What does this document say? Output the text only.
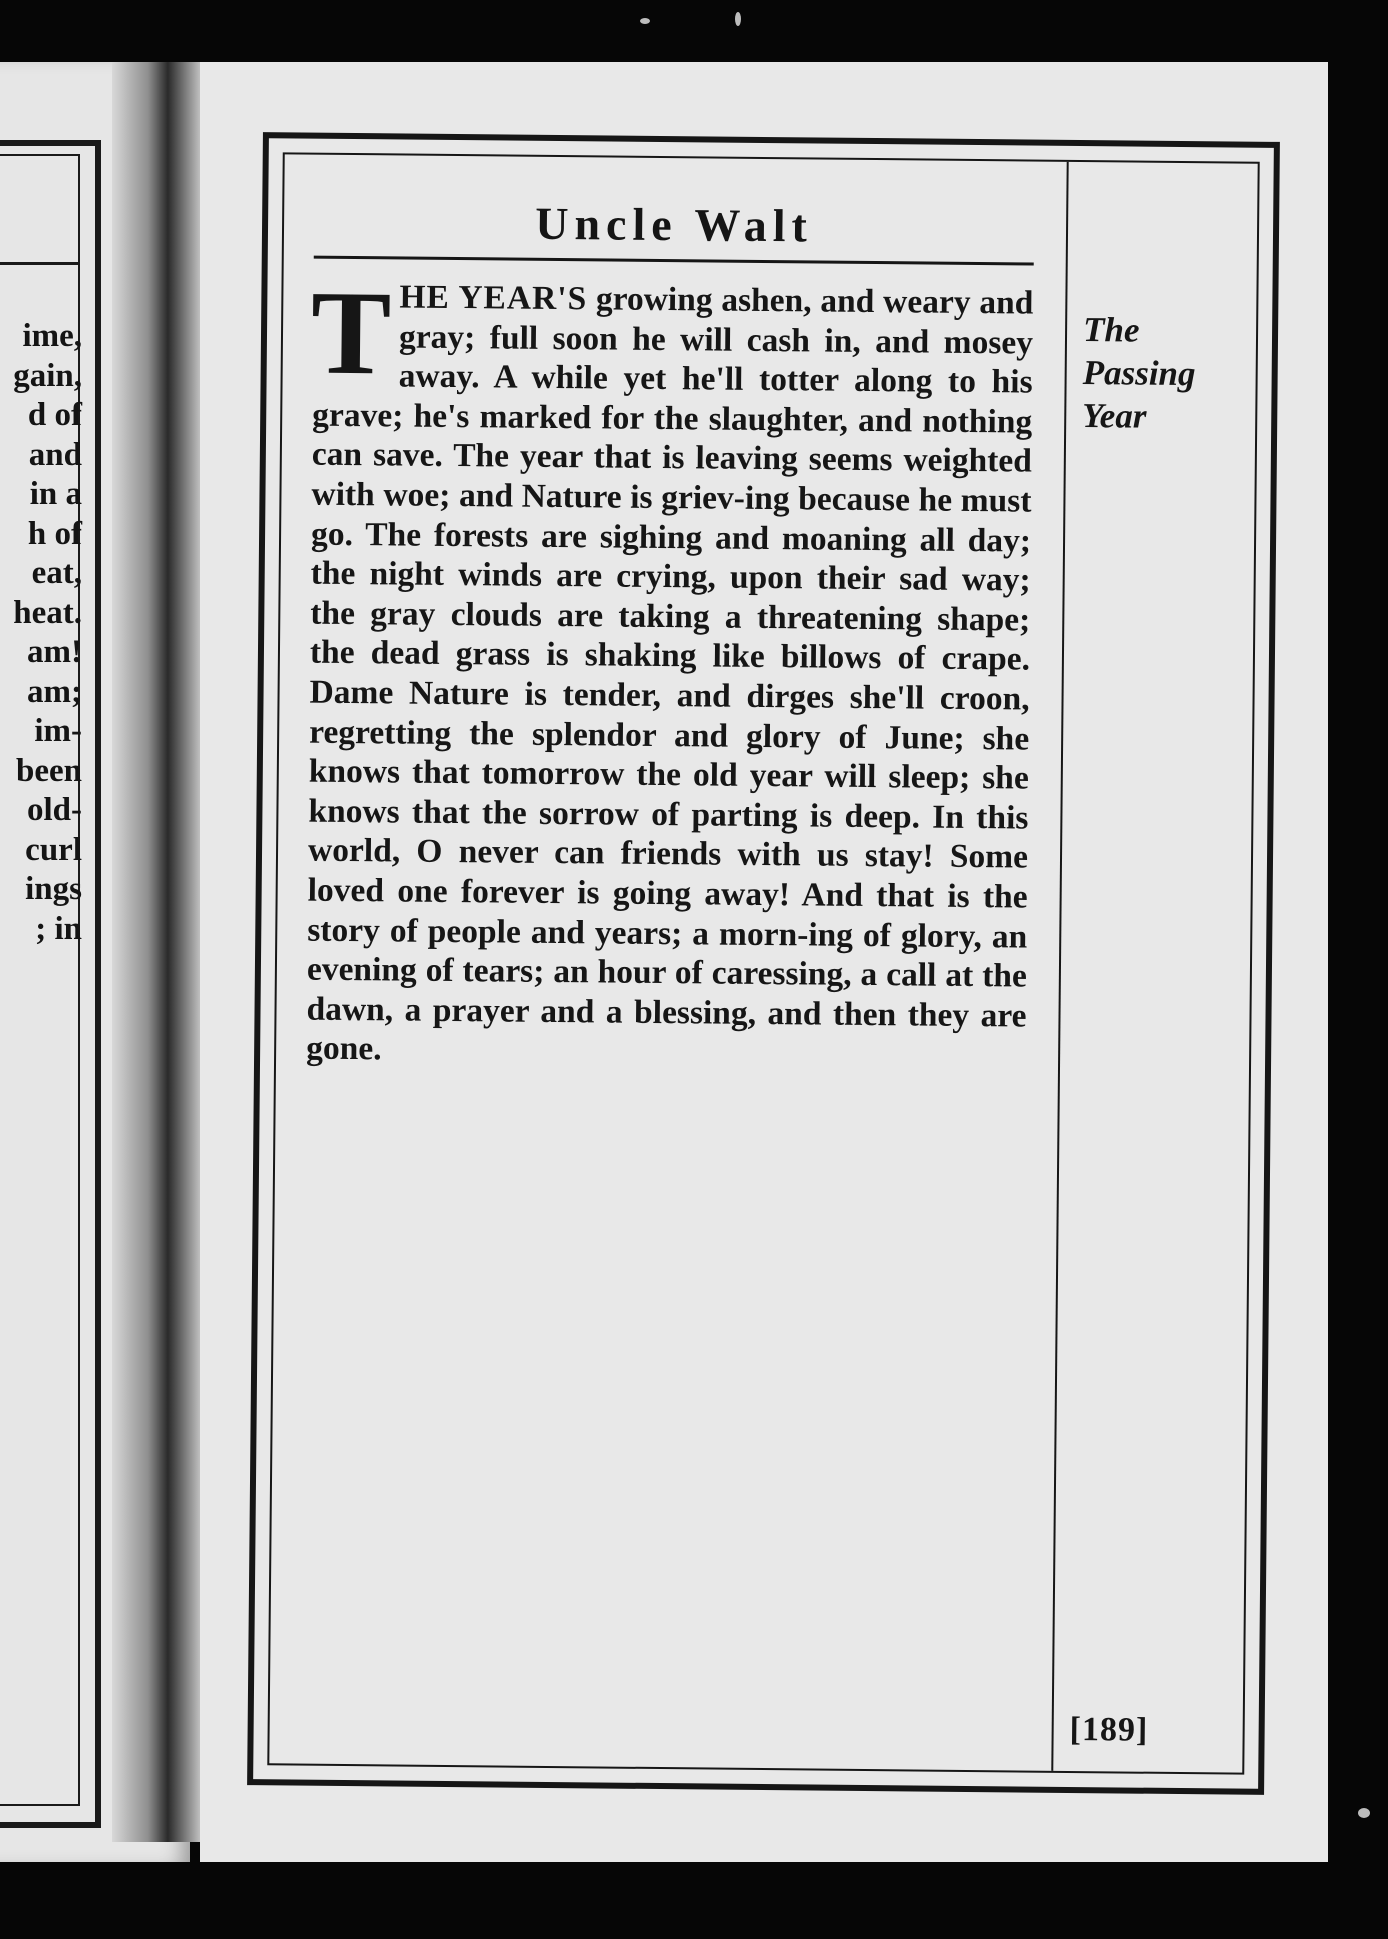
ime,
gain,
d of
and
in a
h of
eat,
heat.
am!
am;
im-
been
old-
curl
ings
; in
Uncle Walt
THE YEAR'S growing ashen, and weary and gray; full soon he will cash in, and mosey away. A while yet he'll totter along to his grave; he's marked for the slaughter, and nothing can save. The year that is leaving seems weighted with woe; and Nature is griev-ing because he must go. The forests are sighing and moaning all day; the night winds are crying, upon their sad way; the gray clouds are taking a threatening shape; the dead grass is shaking like billows of crape. Dame Nature is tender, and dirges she'll croon, regretting the splendor and glory of June; she knows that tomorrow the old year will sleep; she knows that the sorrow of parting is deep. In this world, O never can friends with us stay! Some loved one forever is going away! And that is the story of people and years; a morn-ing of glory, an evening of tears; an hour of caressing, a call at the dawn, a prayer and a blessing, and then they are gone.
The
Passing
Year
[189]
